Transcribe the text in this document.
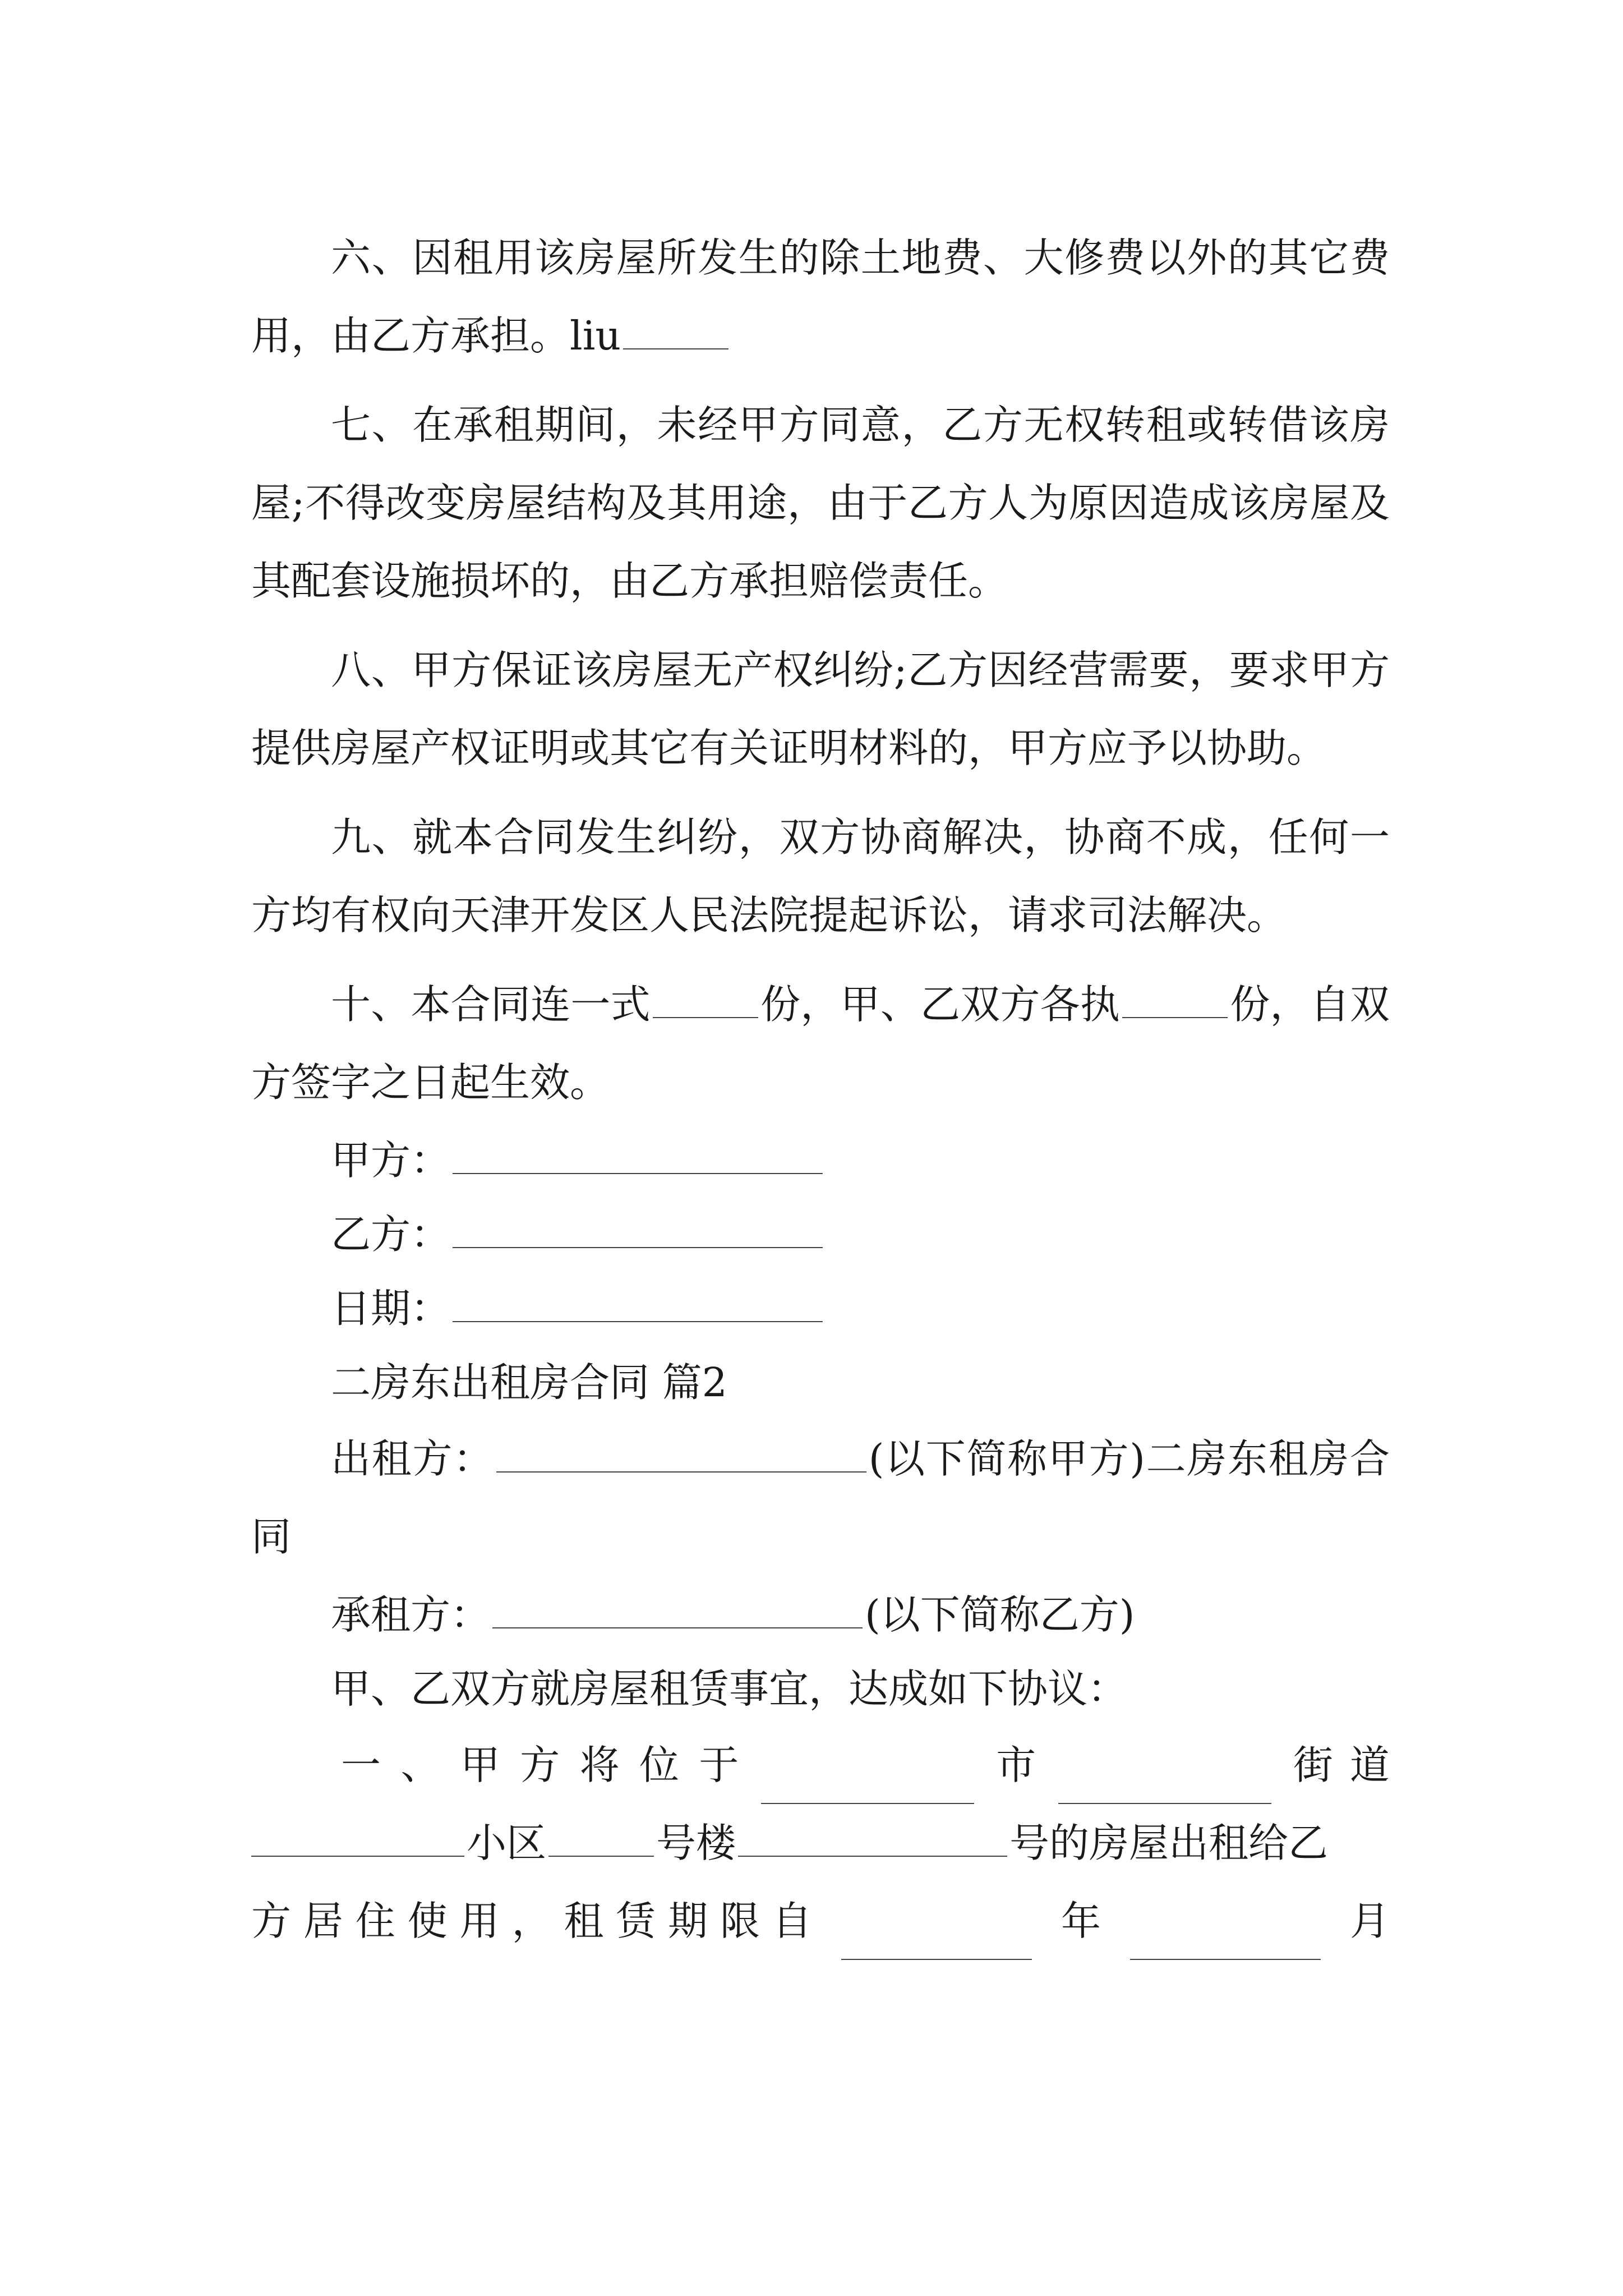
六、因租用该房屋所发生的除土地费、大修费以外的其它费用，由乙方承担。liu

七、在承租期间，未经甲方同意，乙方无权转租或转借该房屋;不得改变房屋结构及其用途，由于乙方人为原因造成该房屋及其配套设施损坏的，由乙方承担赔偿责任。

八、甲方保证该房屋无产权纠纷;乙方因经营需要，要求甲方提供房屋产权证明或其它有关证明材料的，甲方应予以协助。

九、就本合同发生纠纷，双方协商解决，协商不成，任何一方均有权向天津开发区人民法院提起诉讼，请求司法解决。

十、本合同连一式	份，甲、乙双方各执	份，自双方签字之日起生效。

甲方：
乙方：
日期：
二房东出租房合同 篇2

出租方：	(以下简称甲方)二房东租房合同

承租方：	(以下简称乙方)
甲、乙双方就房屋租赁事宜，达成如下协议：
一 、 甲 方 将 位 于	市	街道
小区	号楼	号的房屋出租给乙
方 居 住 使 用 ， 租 赁 期 限 自	年	月
